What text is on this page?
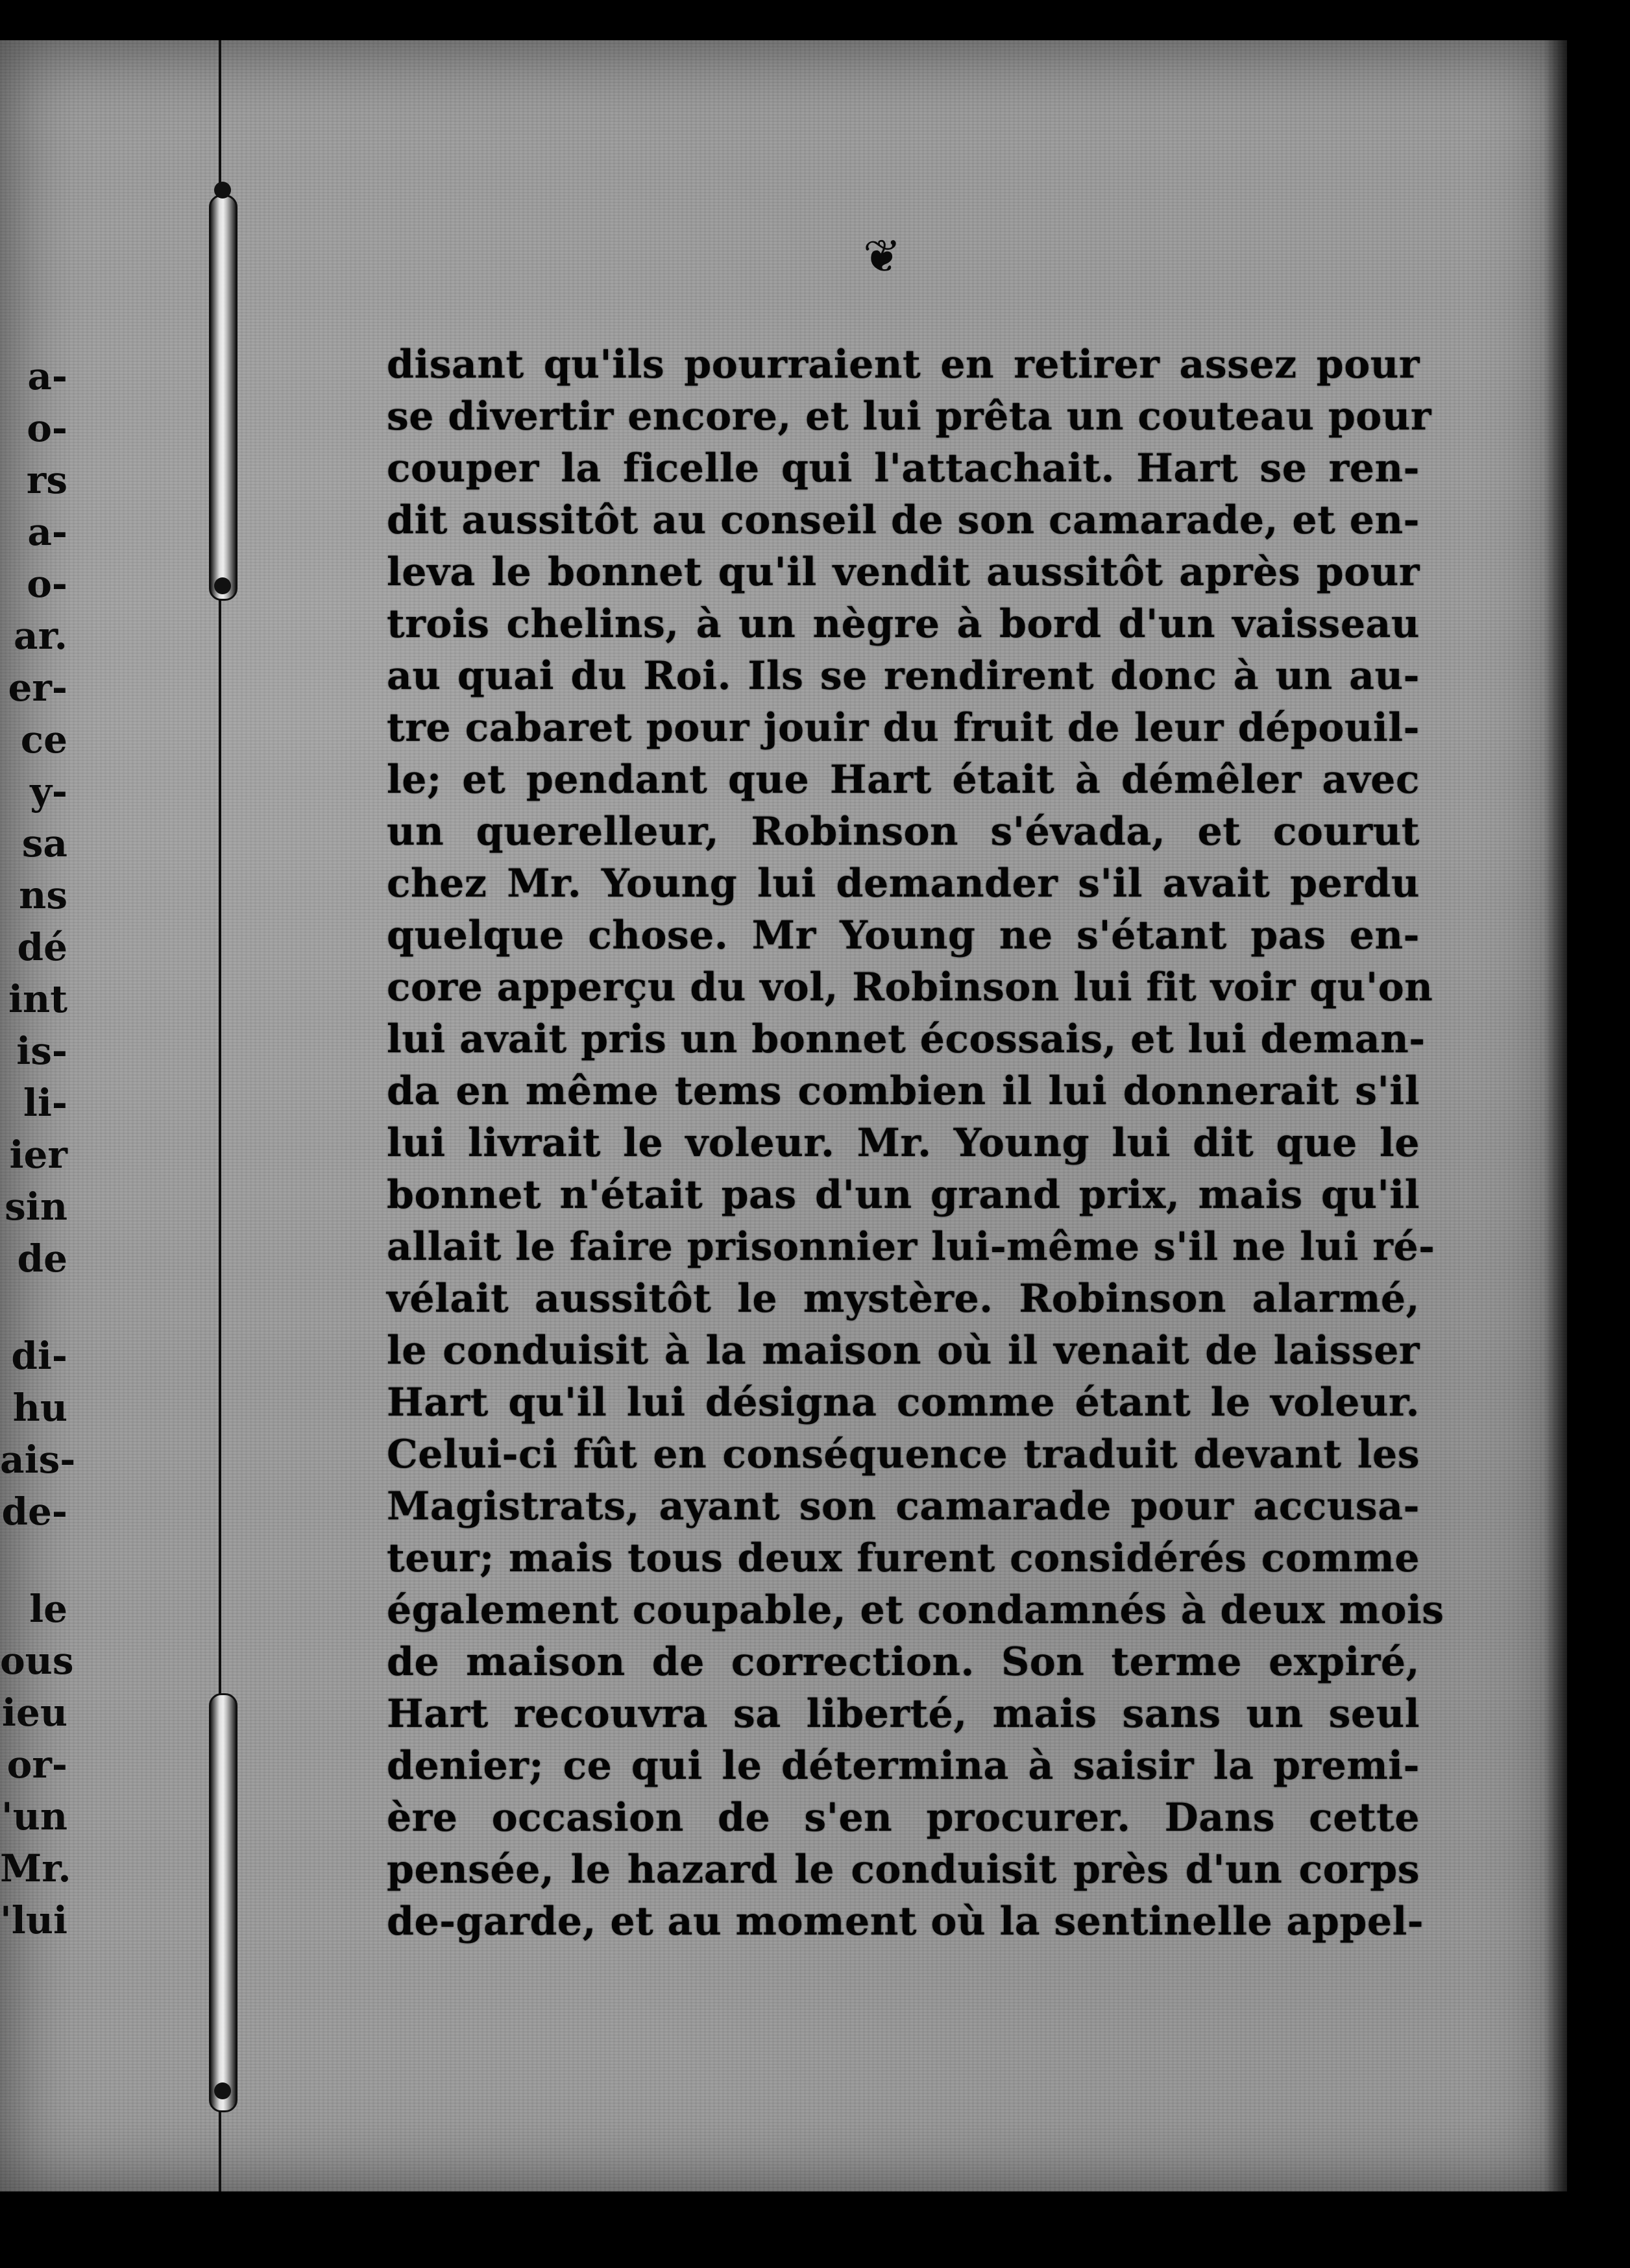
a-
o-
rs
a-
o-
ar.
er-
ce
y-
sa
ns
dé
int
is-
li-
ier
sin
de
di-
hu
ais-
de-
le
ous
ieu
or-
'un
Mr.
'lui
❦
disant qu'ils pourraient en retirer assez pour
se divertir encore, et lui prêta un couteau pour
couper la ficelle qui l'attachait. Hart se ren-
dit aussitôt au conseil de son camarade, et en-
leva le bonnet qu'il vendit aussitôt après pour
trois chelins, à un nègre à bord d'un vaisseau
au quai du Roi. Ils se rendirent donc à un au-
tre cabaret pour jouir du fruit de leur dépouil-
le; et pendant que Hart était à démêler avec
un querelleur, Robinson s'évada, et courut
chez Mr. Young lui demander s'il avait perdu
quelque chose. Mr Young ne s'étant pas en-
core apperçu du vol, Robinson lui fit voir qu'on
lui avait pris un bonnet écossais, et lui deman-
da en même tems combien il lui donnerait s'il
lui livrait le voleur. Mr. Young lui dit que le
bonnet n'était pas d'un grand prix, mais qu'il
allait le faire prisonnier lui-même s'il ne lui ré-
vélait aussitôt le mystère. Robinson alarmé,
le conduisit à la maison où il venait de laisser
Hart qu'il lui désigna comme étant le voleur.
Celui-ci fût en conséquence traduit devant les
Magistrats, ayant son camarade pour accusa-
teur; mais tous deux furent considérés comme
également coupable, et condamnés à deux mois
de maison de correction. Son terme expiré,
Hart recouvra sa liberté, mais sans un seul
denier; ce qui le détermina à saisir la premi-
ère occasion de s'en procurer. Dans cette
pensée, le hazard le conduisit près d'un corps
de-garde, et au moment où la sentinelle appel-
